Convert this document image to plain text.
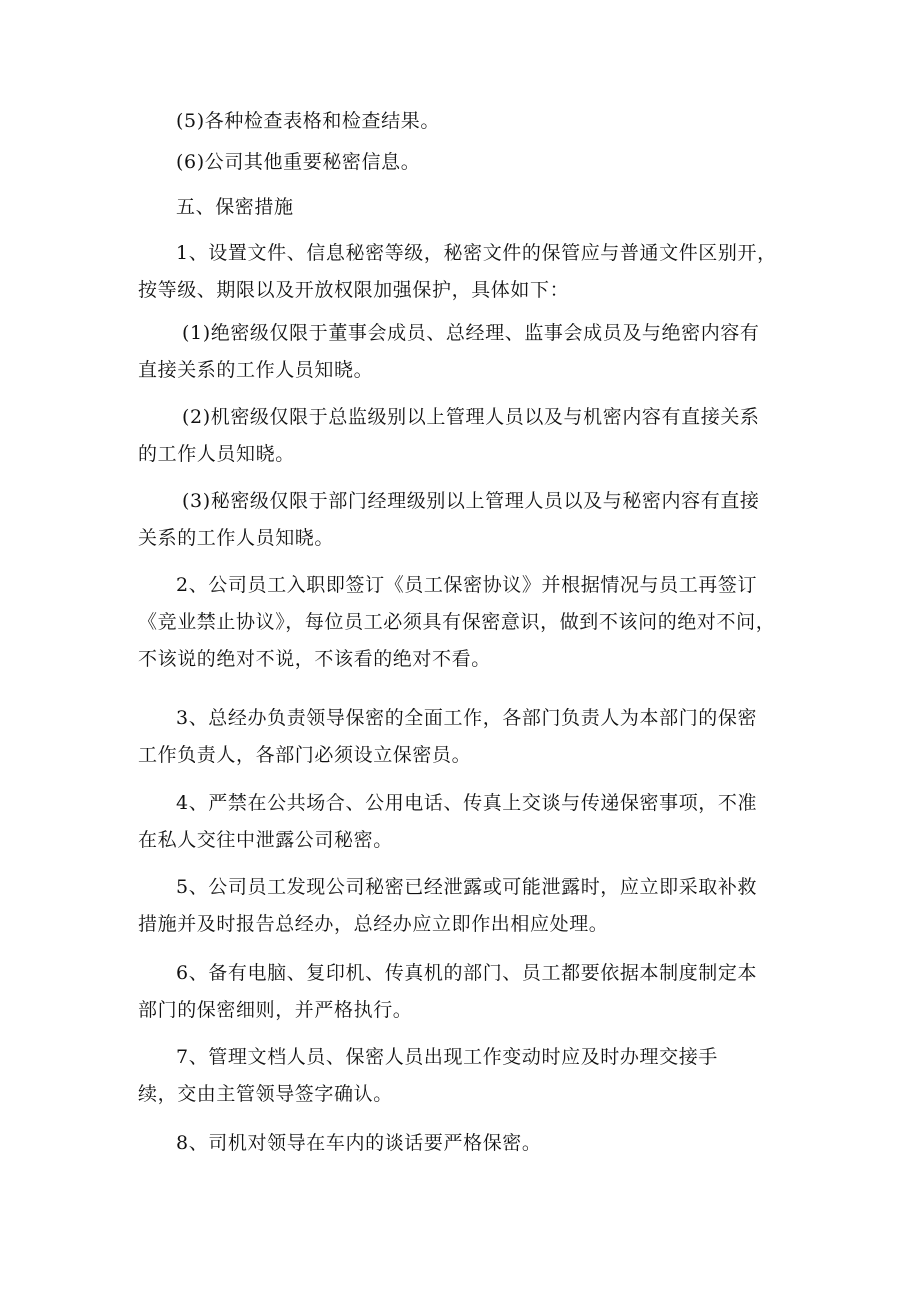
(5)各种检查表格和检查结果。

(6)公司其他重要秘密信息。

五、保密措施

1、设置文件、信息秘密等级，秘密文件的保管应与普通文件区别开，
按等级、期限以及开放权限加强保护，具体如下：

(1)绝密级仅限于董事会成员、总经理、监事会成员及与绝密内容有
直接关系的工作人员知晓。

(2)机密级仅限于总监级别以上管理人员以及与机密内容有直接关系
的工作人员知晓。

(3)秘密级仅限于部门经理级别以上管理人员以及与秘密内容有直接
关系的工作人员知晓。

2、公司员工入职即签订《员工保密协议》并根据情况与员工再签订
《竞业禁止协议》，每位员工必须具有保密意识，做到不该问的绝对不问，
不该说的绝对不说，不该看的绝对不看。

3、总经办负责领导保密的全面工作，各部门负责人为本部门的保密
工作负责人，各部门必须设立保密员。

4、严禁在公共场合、公用电话、传真上交谈与传递保密事项，不准
在私人交往中泄露公司秘密。

5、公司员工发现公司秘密已经泄露或可能泄露时，应立即采取补救
措施并及时报告总经办，总经办应立即作出相应处理。

6、备有电脑、复印机、传真机的部门、员工都要依据本制度制定本
部门的保密细则，并严格执行。

7、管理文档人员、保密人员出现工作变动时应及时办理交接手
续，交由主管领导签字确认。

8、司机对领导在车内的谈话要严格保密。
